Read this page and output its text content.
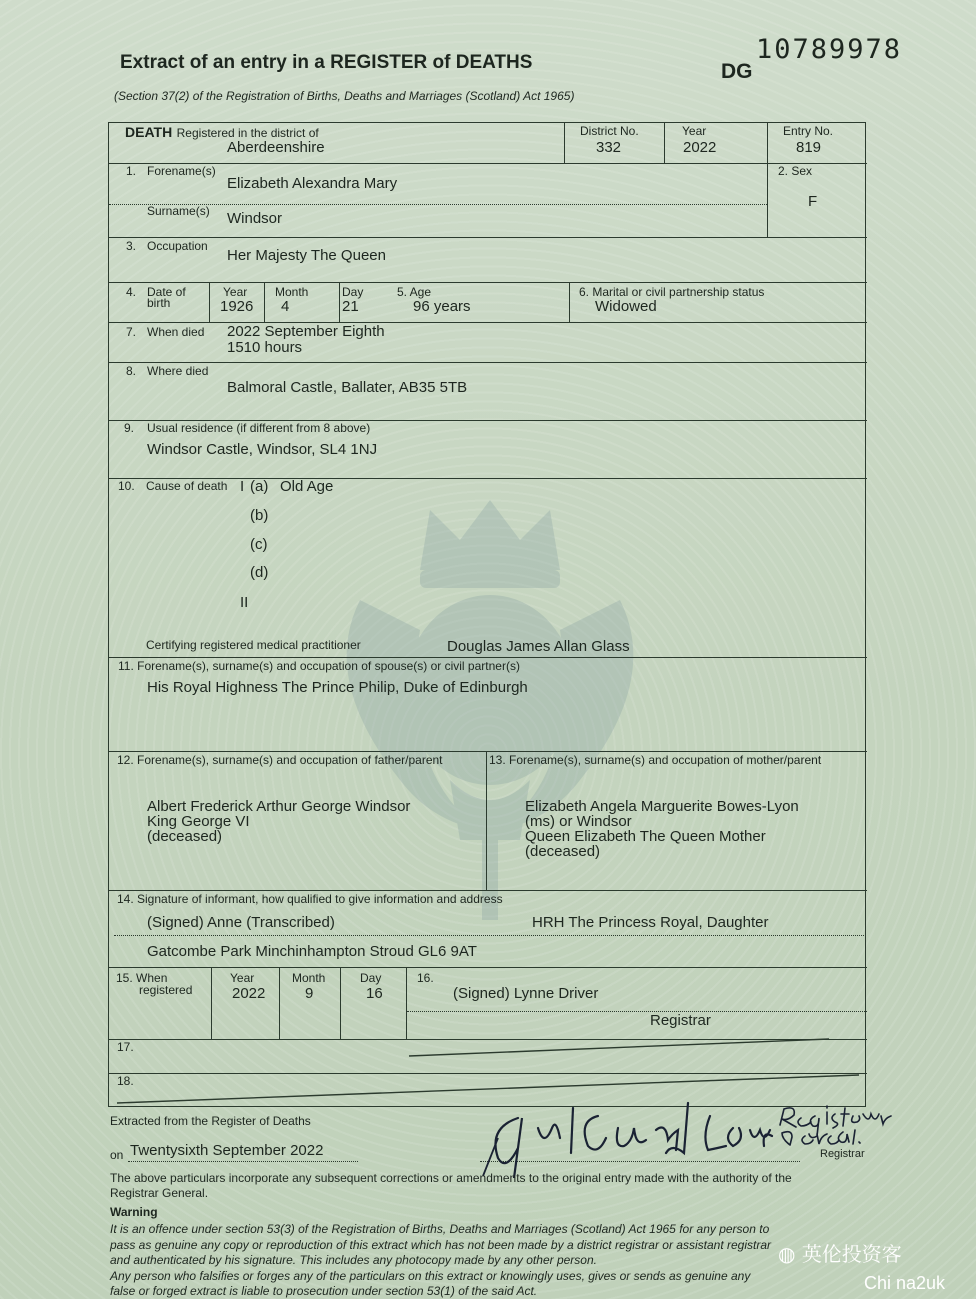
Extract of an entry in a REGISTER of DEATHS
(Section 37(2) of the Registration of Births, Deaths and Marriages (Scotland) Act 1965)
10789978
DG
DEATH Registered in the district of
Aberdeenshire
District No.
332
Year
2022
Entry No.
819
1. Forename(s)
Elizabeth Alexandra Mary
Surname(s) Windsor
2. Sex
F
3. Occupation
Her Majesty The Queen
4. Date of
birth
Year
1926
Month
4
Day
21
5. Age
96 years
6. Marital or civil partnership status
Widowed
7. When died 2022 September Eighth
1510 hours
8. Where died
Balmoral Castle, Ballater, AB35 5TB
9. Usual residence (if different from 8 above)
Windsor Castle, Windsor, SL4 1NJ
10. Cause of death I (a) Old Age
(b)
(c)
(d)
II
Certifying registered medical practitioner	Douglas James Allan Glass
11. Forename(s), surname(s) and occupation of spouse(s) or civil partner(s)
His Royal Highness The Prince Philip, Duke of Edinburgh
12. Forename(s), surname(s) and occupation of father/parent
Albert Frederick Arthur George Windsor
King George VI
(deceased)
13. Forename(s), surname(s) and occupation of mother/parent
Elizabeth Angela Marguerite Bowes-Lyon
(ms) or Windsor
Queen Elizabeth The Queen Mother
(deceased)
14. Signature of informant, how qualified to give information and address
(Signed) Anne (Transcribed)	HRH The Princess Royal, Daughter
Gatcombe Park Minchinhampton Stroud GL6 9AT
15. When
registered
Year
2022
Month
9
Day
16
16.
(Signed) Lynne Driver
Registrar
17.
18.
Extracted from the Register of Deaths
on Twentysixth September 2022	Registrar
The above particulars incorporate any subsequent corrections or amendments to the original entry made with the authority of the
Registrar General.
Warning
It is an offence under section 53(3) of the Registration of Births, Deaths and Marriages (Scotland) Act 1965 for any person to
pass as genuine any copy or reproduction of this extract which has not been made by a district registrar or assistant registrar
and authenticated by his signature. This includes any photocopy made by any other person.
Any person who falsifies or forges any of the particulars on this extract or knowingly uses, gives or sends as genuine any
false or forged extract is liable to prosecution under section 53(1) of the said Act.
◍ 英伦投资客
Chi na2uk
